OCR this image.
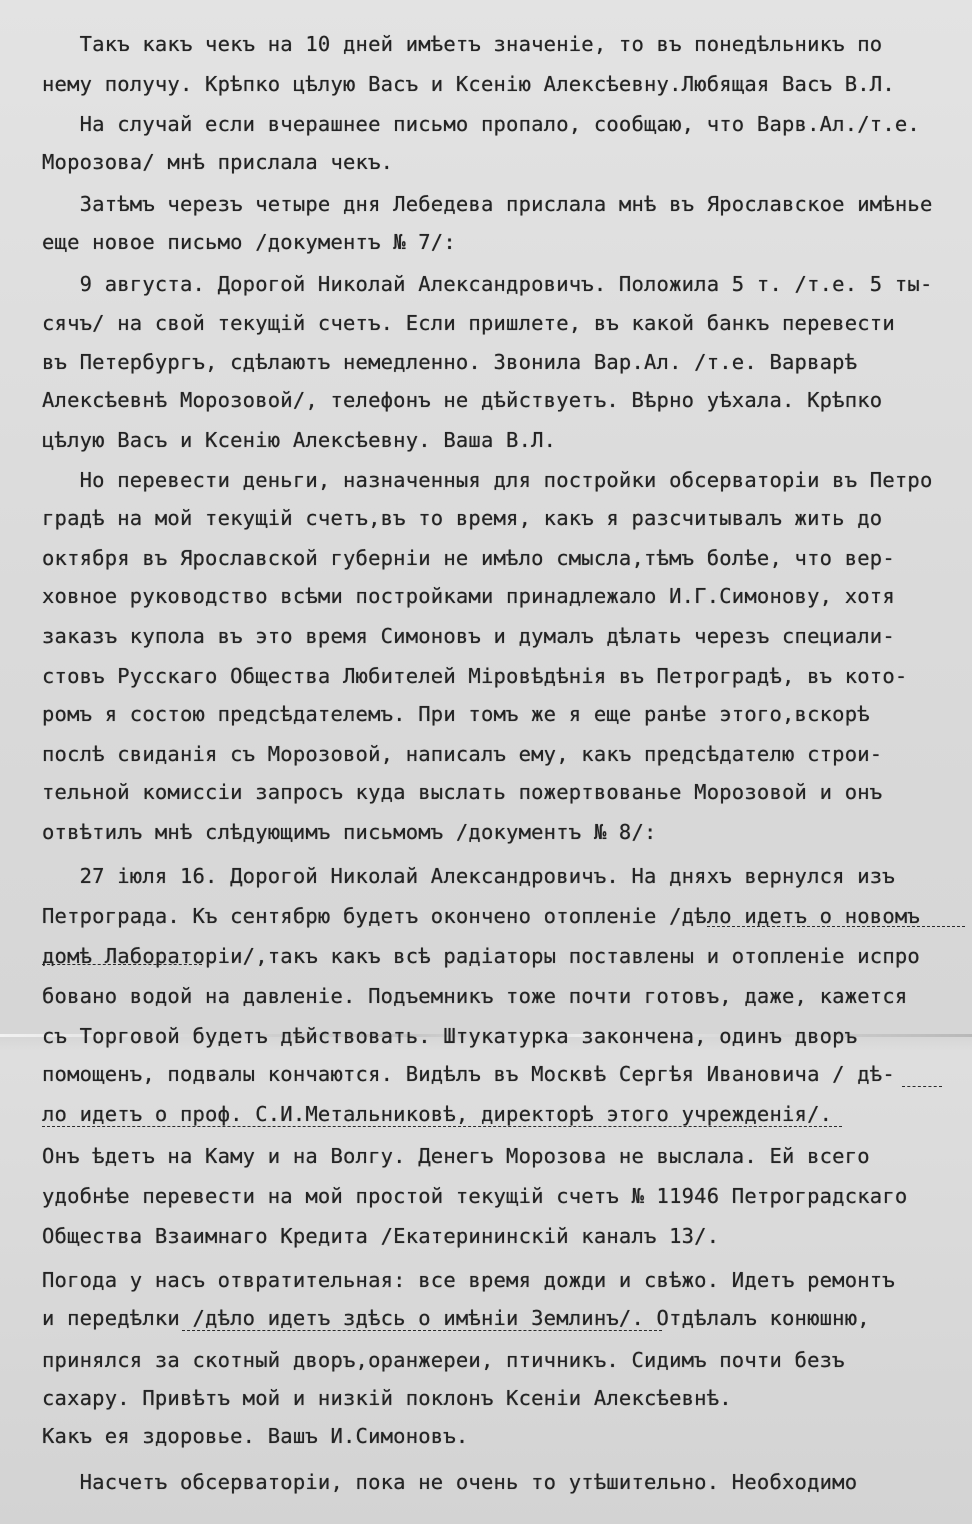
Такъ какъ чекъ на 10 дней имѣетъ значеніе, то въ понедѣльникъ по
нему получу. Крѣпко цѣлую Васъ и Ксенію Алексѣевну.Любящая Васъ В.Л.
На случай если вчерашнее письмо пропало, сообщаю, что Варв.Ал./т.е.
Морозова/ мнѣ прислала чекъ.
Затѣмъ черезъ четыре дня Лебедева прислала мнѣ въ Ярославское имѣнье
еще новое письмо /документъ № 7/:
9 августа. Дорогой Николай Александровичъ. Положила 5 т. /т.е. 5 ты-
сячъ/ на свой текущій счетъ. Если пришлете, въ какой банкъ перевести
въ Петербургъ, сдѣлаютъ немедленно. Звонила Вар.Ал. /т.е. Варварѣ
Алексѣевнѣ Морозовой/, телефонъ не дѣйствуетъ. Вѣрно уѣхала. Крѣпко
цѣлую Васъ и Ксенію Алексѣевну. Ваша В.Л.
Но перевести деньги, назначенныя для постройки обсерваторіи въ Петро
градѣ на мой текущій счетъ,въ то время, какъ я разсчитывалъ жить до
октября въ Ярославской губерніи не имѣло смысла,тѣмъ болѣе, что вер-
ховное руководство всѣми постройками принадлежало И.Г.Симонову, хотя
заказъ купола въ это время Симоновъ и думалъ дѣлать черезъ специали-
стовъ Русскаго Общества Любителей Міровѣдѣнія въ Петроградѣ, въ кото-
ромъ я состою предсѣдателемъ. При томъ же я еще ранѣе этого,вскорѣ
послѣ свиданія съ Морозовой, написалъ ему, какъ предсѣдателю строи-
тельной комиссіи запросъ куда выслать пожертвованье Морозовой и онъ
отвѣтилъ мнѣ слѣдующимъ письмомъ /документъ № 8/:
27 іюля 16. Дорогой Николай Александровичъ. На дняхъ вернулся изъ
Петрограда. Къ сентябрю будетъ окончено отопленіе /дѣло идетъ о новомъ
домѣ Лабораторіи/,такъ какъ всѣ радіаторы поставлены и отопленіе испро
бовано водой на давленіе. Подъемникъ тоже почти готовъ, даже, кажется
съ Торговой будетъ дѣйствовать. Штукатурка закончена, одинъ дворъ
помощенъ, подвалы кончаются. Видѣлъ въ Москвѣ Сергѣя Ивановича / дѣ-
ло идетъ о проф. С.И.Метальниковѣ, директорѣ этого учрежденія/.
Онъ ѣдетъ на Каму и на Волгу. Денегъ Морозова не выслала. Ей всего
удобнѣе перевести на мой простой текущій счетъ № 11946 Петроградскаго
Общества Взаимнаго Кредита /Екатерининскій каналъ 13/.
Погода у насъ отвратительная: все время дожди и свѣжо. Идетъ ремонтъ
и передѣлки /дѣло идетъ здѣсь о имѣніи Землинъ/. Отдѣлалъ конюшню,
принялся за скотный дворъ,оранжереи, птичникъ. Сидимъ почти безъ
сахару. Привѣтъ мой и низкій поклонъ Ксеніи Алексѣевнѣ.
Какъ ея здоровье. Вашъ И.Симоновъ.
Насчетъ обсерваторіи, пока не очень то утѣшительно. Необходимо
